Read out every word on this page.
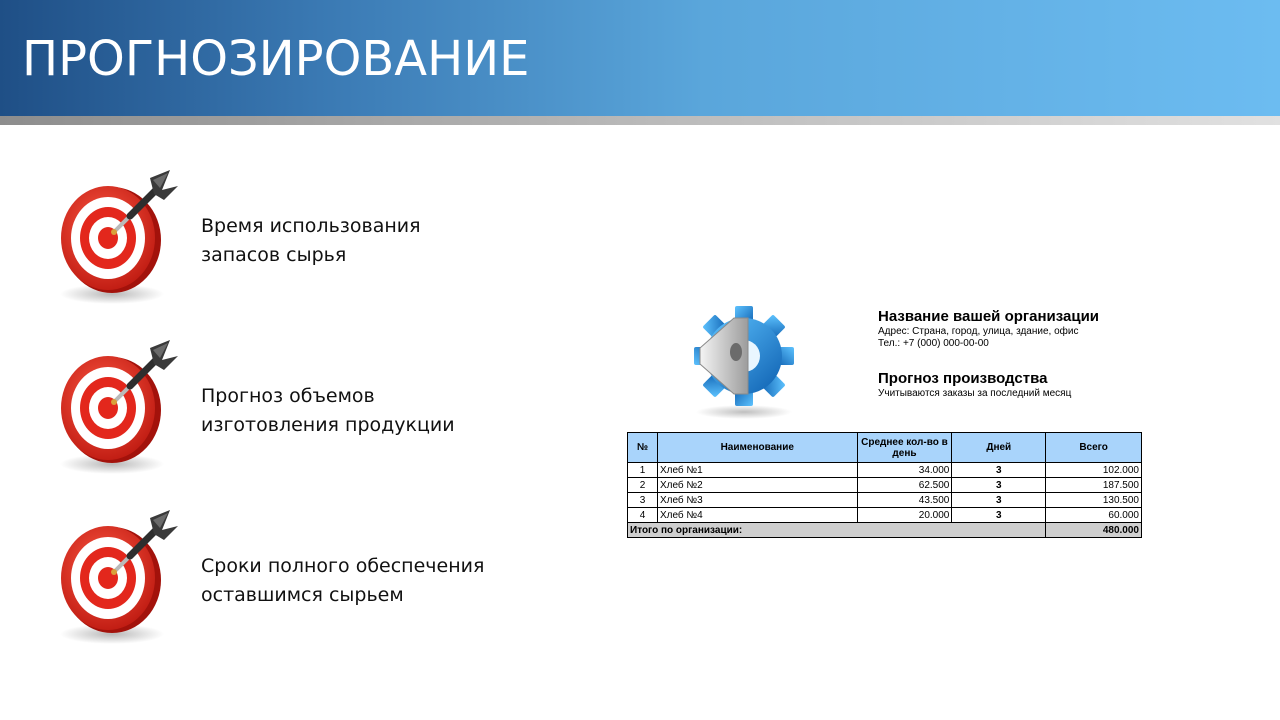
ПРОГНОЗИРОВАНИЕ
Время использования
запасов сырья
Прогноз объемов
изготовления продукции
Сроки полного обеспечения
оставшимся сырьем
Название вашей организации
Адрес: Страна, город, улица, здание, офис
Тел.: +7 (000) 000-00-00
Прогноз производства
Учитываются заказы за последний месяц
№	Наименование	Среднее кол-во в день	Дней	Всего
1	Хлеб №1	34.000	3	102.000
2	Хлеб №2	62.500	3	187.500
3	Хлеб №3	43.500	3	130.500
4	Хлеб №4	20.000	3	60.000
Итого по организации:				480.000
